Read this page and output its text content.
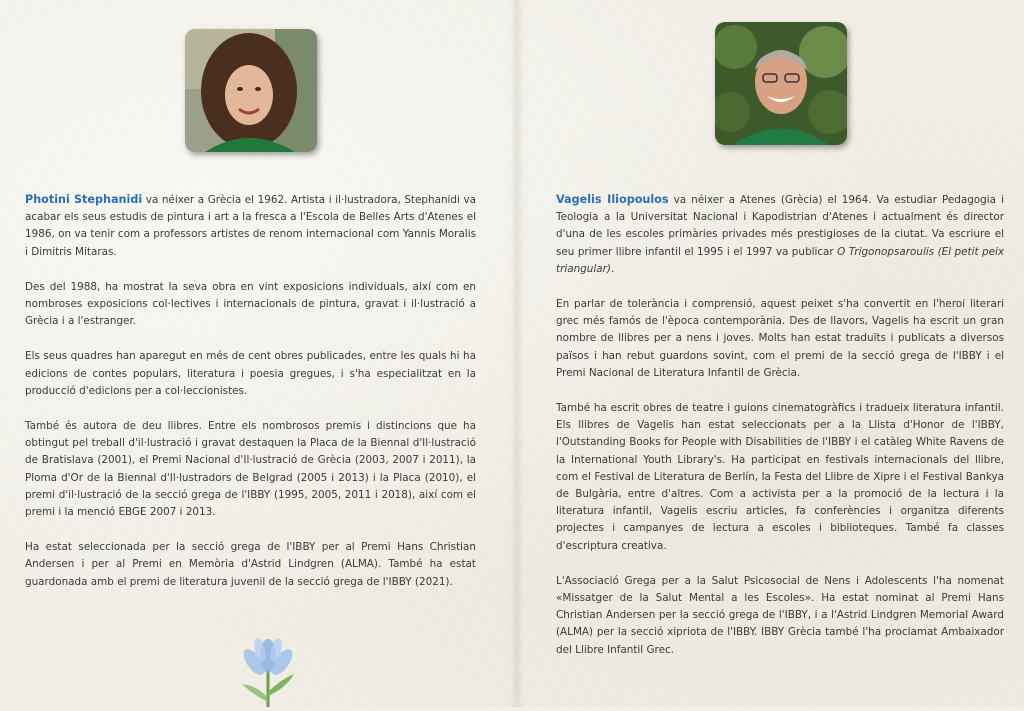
Photini Stephanidi va néixer a Grècia el 1962. Artista i il·lustradora, Stephanidi va acabar els seus estudis de pintura i art a la fresca a l'Escola de Belles Arts d'Atenes el 1986, on va tenir com a professors artistes de renom internacional com Yannis Moralis i Dimitris Mitaras.

Des del 1988, ha mostrat la seva obra en vint exposicions individuals, així com en nombroses exposicions col·lectives i internacionals de pintura, gravat i il·lustració a Grècia i a l'estranger.

Els seus quadres han aparegut en més de cent obres publicades, entre les quals hi ha edicions de contes populars, literatura i poesia gregues, i s'ha especialitzat en la producció d'edicions per a col·leccionistes.

També és autora de deu llibres. Entre els nombrosos premis i distincions que ha obtingut pel treball d'il·lustració i gravat destaquen la Placa de la Biennal d'Il·lustració de Bratislava (2001), el Premi Nacional d'Il·lustració de Grècia (2003, 2007 i 2011), la Ploma d'Or de la Biennal d'Il·lustradors de Belgrad (2005 i 2013) i la Placa (2010), el premi d'il·lustració de la secció grega de l'IBBY (1995, 2005, 2011 i 2018), així com el premi i la menció EBGE 2007 i 2013.

Ha estat seleccionada per la secció grega de l'IBBY per al Premi Hans Christian Andersen i per al Premi en Memòria d'Astrid Lindgren (ALMA). També ha estat guardonada amb el premi de literatura juvenil de la secció grega de l'IBBY (2021).

Vagelis Iliopoulos va néixer a Atenes (Grècia) el 1964. Va estudiar Pedagogia i Teologia a la Universitat Nacional i Kapodistrian d'Atenes i actualment és director d'una de les escoles primàries privades més prestigioses de la ciutat. Va escriure el seu primer llibre infantil el 1995 i el 1997 va publicar O Trigonopsaroulis (El petit peix triangular).

En parlar de tolerància i comprensió, aquest peixet s'ha convertit en l'heroi literari grec més famós de l'època contemporània. Des de llavors, Vagelis ha escrit un gran nombre de llibres per a nens i joves. Molts han estat traduïts i publicats a diversos països i han rebut guardons sovint, com el premi de la secció grega de l'IBBY i el Premi Nacional de Literatura Infantil de Grècia.

També ha escrit obres de teatre i guions cinematogràfics i tradueix literatura infantil. Els llibres de Vagelis han estat seleccionats per a la Llista d'Honor de l'IBBY, l'Outstanding Books for People with Disabilities de l'IBBY i el catàleg White Ravens de la International Youth Library's. Ha participat en festivals internacionals del llibre, com el Festival de Literatura de Berlín, la Festa del Llibre de Xipre i el Festival Bankya de Bulgària, entre d'altres. Com a activista per a la promoció de la lectura i la literatura infantil, Vagelis escriu articles, fa conferències i organitza diferents projectes i campanyes de lectura a escoles i biblioteques. També fa classes d'escriptura creativa.

L'Associació Grega per a la Salut Psicosocial de Nens i Adolescents l'ha nomenat «Missatger de la Salut Mental a les Escoles». Ha estat nominat al Premi Hans Christian Andersen per la secció grega de l'IBBY, i a l'Astrid Lindgren Memorial Award (ALMA) per la secció xipriota de l'IBBY. IBBY Grècia també l'ha proclamat Ambaixador del Llibre Infantil Grec.
